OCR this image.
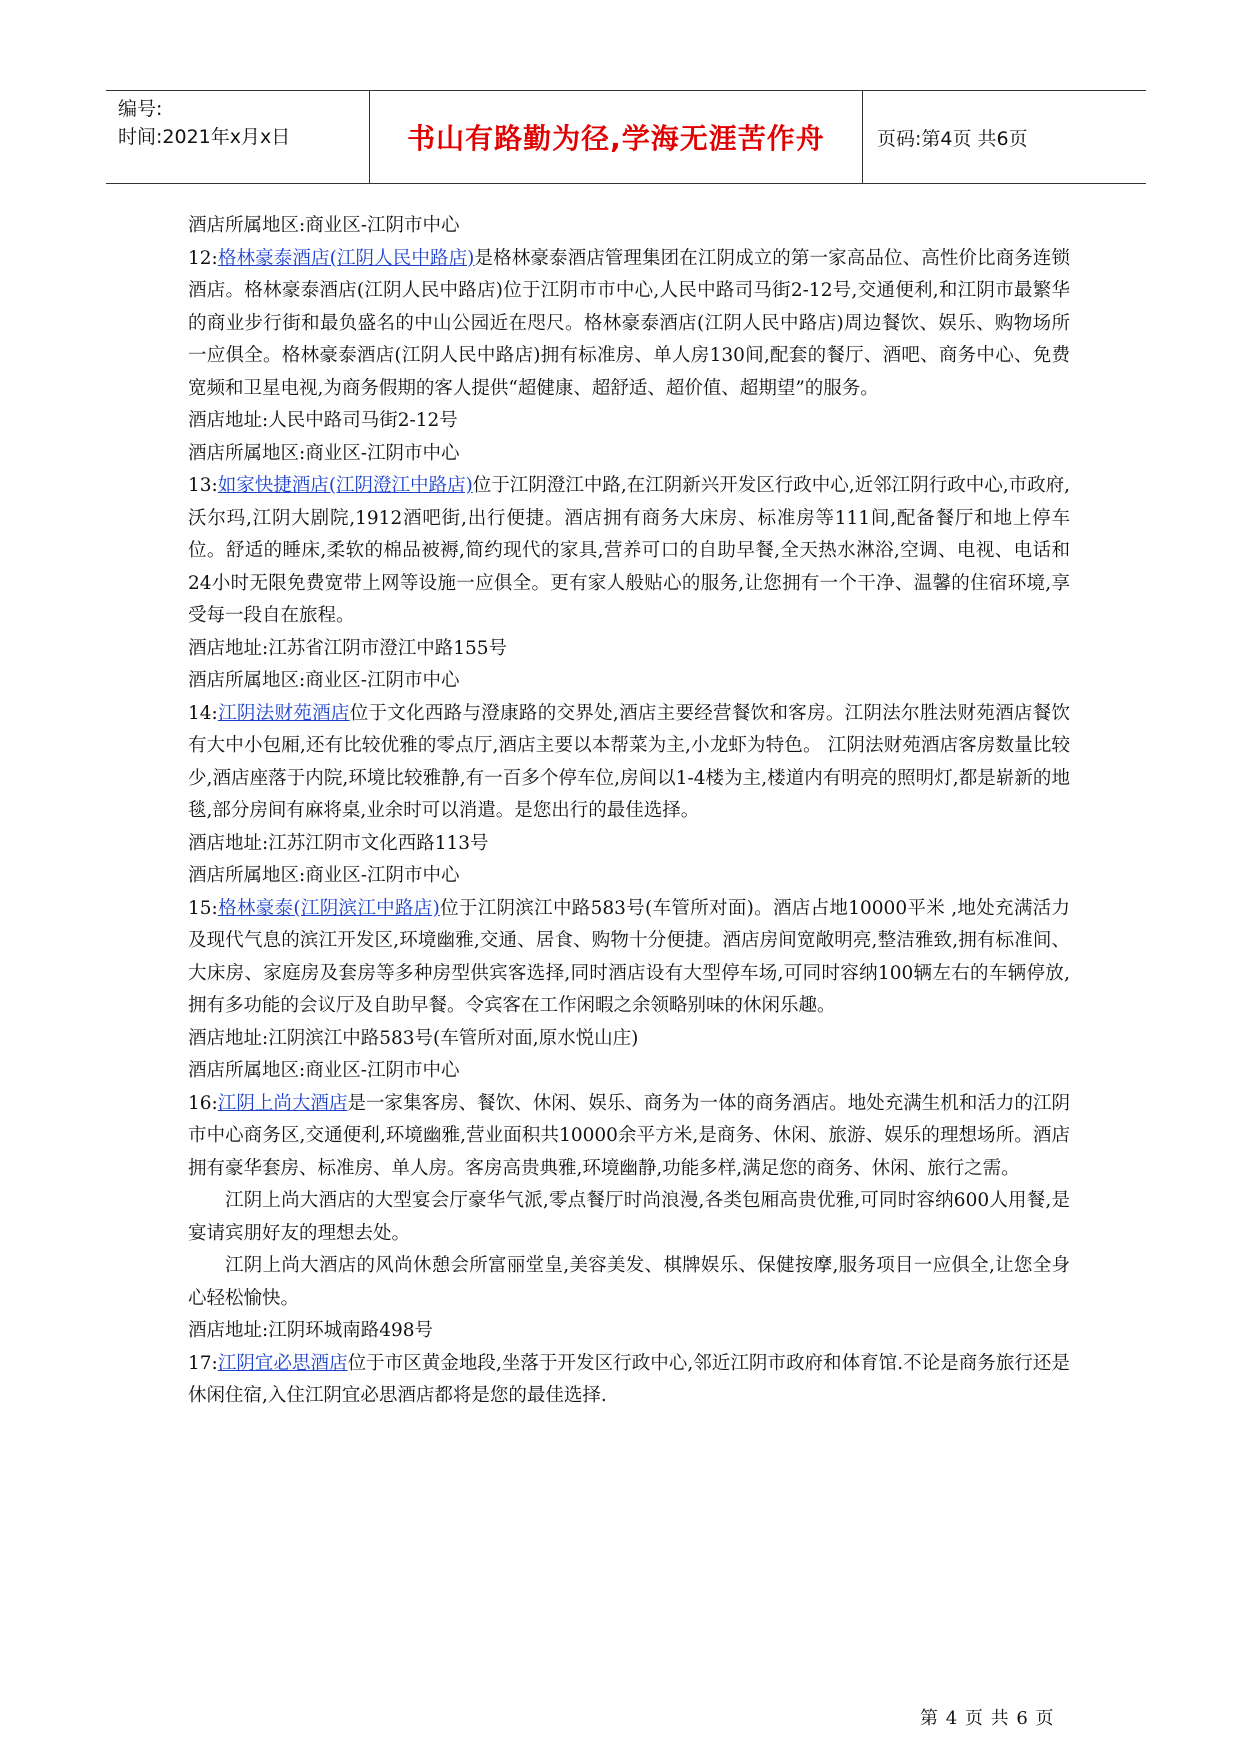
编号:
时间:2021年x月x日	书山有路勤为径,学海无涯苦作舟	页码:第4页 共6页

酒店所属地区:商业区-江阴市中心

12:格林豪泰酒店(江阴人民中路店)是格林豪泰酒店管理集团在江阴成立的第一家高品位、高性价比商务连锁酒店。格林豪泰酒店(江阴人民中路店)位于江阴市市中心,人民中路司马街2-12号,交通便利,和江阴市最繁华的商业步行街和最负盛名的中山公园近在咫尺。格林豪泰酒店(江阴人民中路店)周边餐饮、娱乐、购物场所一应俱全。格林豪泰酒店(江阴人民中路店)拥有标准房、单人房130间,配套的餐厅、酒吧、商务中心、免费宽频和卫星电视,为商务假期的客人提供“超健康、超舒适、超价值、超期望”的服务。

酒店地址:人民中路司马街2-12号

酒店所属地区:商业区-江阴市中心

13:如家快捷酒店(江阴澄江中路店)位于江阴澄江中路,在江阴新兴开发区行政中心,近邻江阴行政中心,市政府,沃尔玛,江阴大剧院,1912酒吧街,出行便捷。酒店拥有商务大床房、标准房等111间,配备餐厅和地上停车位。舒适的睡床,柔软的棉品被褥,简约现代的家具,营养可口的自助早餐,全天热水淋浴,空调、电视、电话和24小时无限免费宽带上网等设施一应俱全。更有家人般贴心的服务,让您拥有一个干净、温馨的住宿环境,享受每一段自在旅程。

酒店地址:江苏省江阴市澄江中路155号

酒店所属地区:商业区-江阴市中心

14:江阴法财苑酒店位于文化西路与澄康路的交界处,酒店主要经营餐饮和客房。江阴法尔胜法财苑酒店餐饮有大中小包厢,还有比较优雅的零点厅,酒店主要以本帮菜为主,小龙虾为特色。 江阴法财苑酒店客房数量比较少,酒店座落于内院,环境比较雅静,有一百多个停车位,房间以1-4楼为主,楼道内有明亮的照明灯,都是崭新的地毯,部分房间有麻将桌,业余时可以消遣。是您出行的最佳选择。

酒店地址:江苏江阴市文化西路113号

酒店所属地区:商业区-江阴市中心

15:格林豪泰(江阴滨江中路店)位于江阴滨江中路583号(车管所对面)。酒店占地10000平米 ,地处充满活力及现代气息的滨江开发区,环境幽雅,交通、居食、购物十分便捷。酒店房间宽敞明亮,整洁雅致,拥有标准间、大床房、家庭房及套房等多种房型供宾客选择,同时酒店设有大型停车场,可同时容纳100辆左右的车辆停放,拥有多功能的会议厅及自助早餐。令宾客在工作闲暇之余领略别味的休闲乐趣。

酒店地址:江阴滨江中路583号(车管所对面,原水悦山庄)

酒店所属地区:商业区-江阴市中心

16:江阴上尚大酒店是一家集客房、餐饮、休闲、娱乐、商务为一体的商务酒店。地处充满生机和活力的江阴市中心商务区,交通便利,环境幽雅,营业面积共10000余平方米,是商务、休闲、旅游、娱乐的理想场所。酒店拥有豪华套房、标准房、单人房。客房高贵典雅,环境幽静,功能多样,满足您的商务、休闲、旅行之需。

江阴上尚大酒店的大型宴会厅豪华气派,零点餐厅时尚浪漫,各类包厢高贵优雅,可同时容纳600人用餐,是宴请宾朋好友的理想去处。

江阴上尚大酒店的风尚休憩会所富丽堂皇,美容美发、棋牌娱乐、保健按摩,服务项目一应俱全,让您全身心轻松愉快。

酒店地址:江阴环城南路498号

17:江阴宜必思酒店位于市区黄金地段,坐落于开发区行政中心,邻近江阴市政府和体育馆.不论是商务旅行还是休闲住宿,入住江阴宜必思酒店都将是您的最佳选择.

第 4 页 共 6 页
